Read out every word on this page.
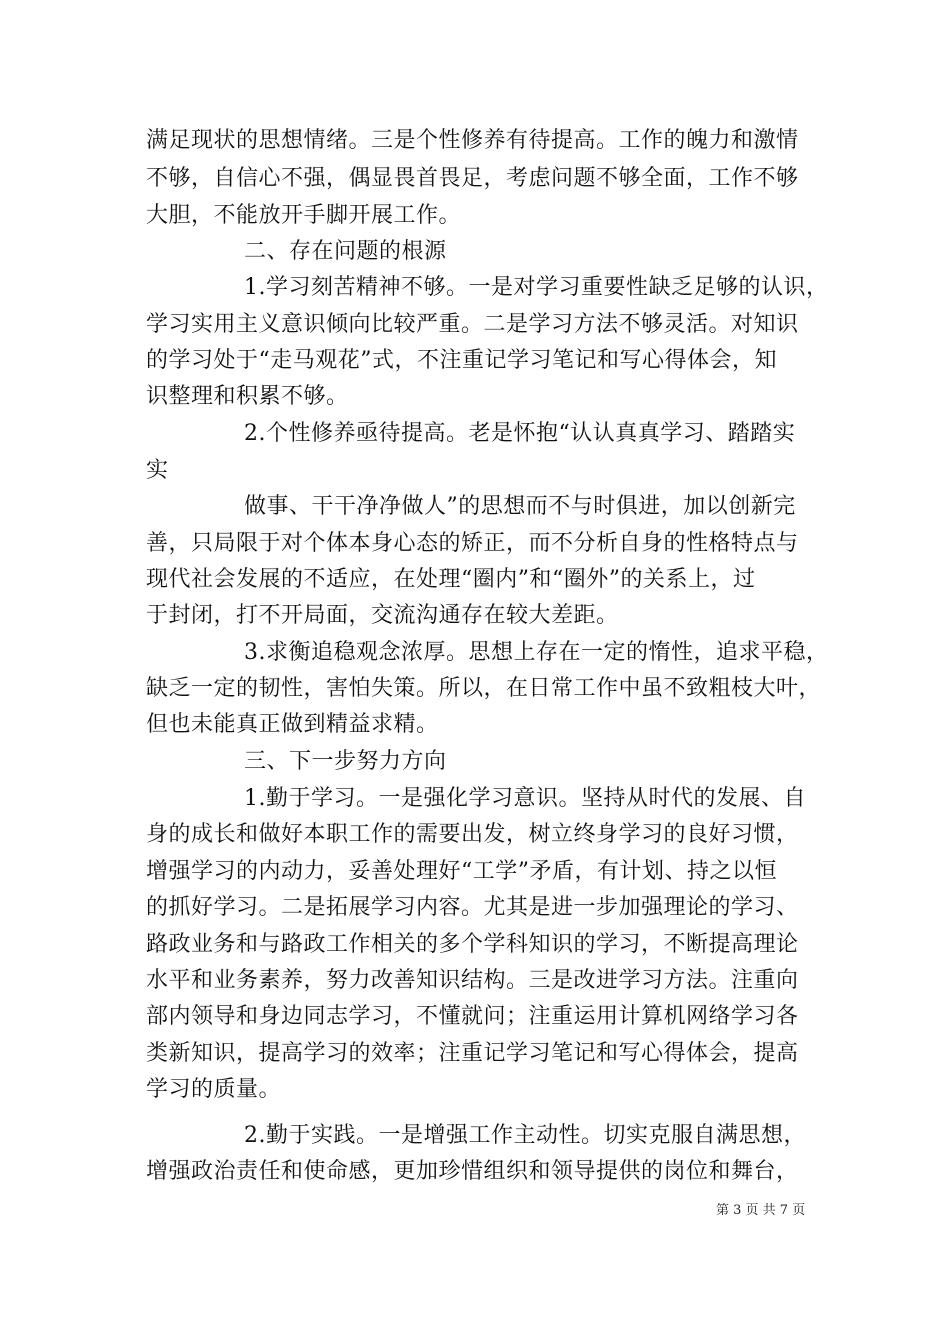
满足现状的思想情绪。三是个性修养有待提高。工作的魄力和激情
不够，自信心不强，偶显畏首畏足，考虑问题不够全面，工作不够
大胆，不能放开手脚开展工作。
二、存在问题的根源
1.学习刻苦精神不够。一是对学习重要性缺乏足够的认识，
学习实用主义意识倾向比较严重。二是学习方法不够灵活。对知识
的学习处于“走马观花”式，不注重记学习笔记和写心得体会，知
识整理和积累不够。
2.个性修养亟待提高。老是怀抱“认认真真学习、踏踏实
实
做事、干干净净做人”的思想而不与时俱进，加以创新完
善，只局限于对个体本身心态的矫正，而不分析自身的性格特点与
现代社会发展的不适应，在处理“圈内”和“圈外”的关系上，过
于封闭，打不开局面，交流沟通存在较大差距。
3.求衡追稳观念浓厚。思想上存在一定的惰性，追求平稳，
缺乏一定的韧性，害怕失策。所以，在日常工作中虽不致粗枝大叶，
但也未能真正做到精益求精。
三、下一步努力方向
1.勤于学习。一是强化学习意识。坚持从时代的发展、自
身的成长和做好本职工作的需要出发，树立终身学习的良好习惯，
增强学习的内动力，妥善处理好“工学”矛盾，有计划、持之以恒
的抓好学习。二是拓展学习内容。尤其是进一步加强理论的学习、
路政业务和与路政工作相关的多个学科知识的学习，不断提高理论
水平和业务素养，努力改善知识结构。三是改进学习方法。注重向
部内领导和身边同志学习，不懂就问；注重运用计算机网络学习各
类新知识，提高学习的效率；注重记学习笔记和写心得体会，提高
学习的质量。
2.勤于实践。一是增强工作主动性。切实克服自满思想，
增强政治责任和使命感，更加珍惜组织和领导提供的岗位和舞台，
第 3 页 共 7 页
